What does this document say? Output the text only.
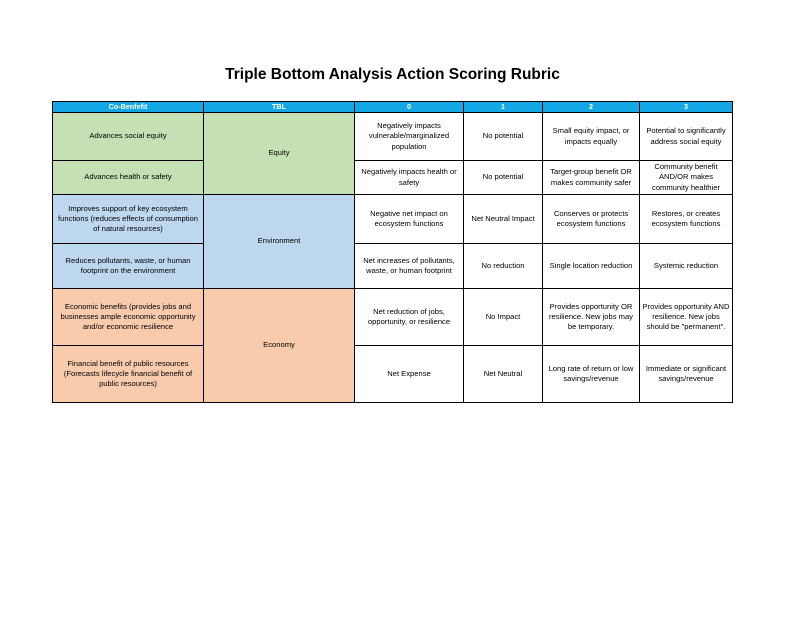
Triple Bottom Analysis Action Scoring Rubric
Co-Benfefit	TBL	0	1	2	3
Advances social equity	Equity	Negatively impacts vulnerable/marginalized population	No potential	Small equity impact, or impacts equally	Potential to significantly address social equity
Advances health or safety		Negatively impacts health or safety	No potential	Target-group benefit OR makes community safer	Community benefit AND/OR makes community healthier
Improves support of key ecosystem functions (reduces effects of consumption of natural resources)	Environment	Negative net impact on ecosystem functions	Net Neutral Impact	Conserves or protects ecosystem functions	Restores, or creates ecosystem functions
Reduces pollutants, waste, or human footprint on the environment		Net increases of pollutants, waste, or human footprint	No reduction	Single location reduction	Systemic reduction
Economic benefits (provides jobs and businesses ample economic opportunity and/or economic resilience	Economy	Net reduction of jobs, opportunity, or resilience	No Impact	Provides opportunity OR resilience. New jobs may be temporary.	Provides opportunity AND resilience. New jobs should be "permanent".
Financial benefit of public resources (Forecasts lifecycle financial benefit of public resources)		Net Expense	Net Neutral	Long rate of return or low savings/revenue	Immediate or significant savings/revenue
